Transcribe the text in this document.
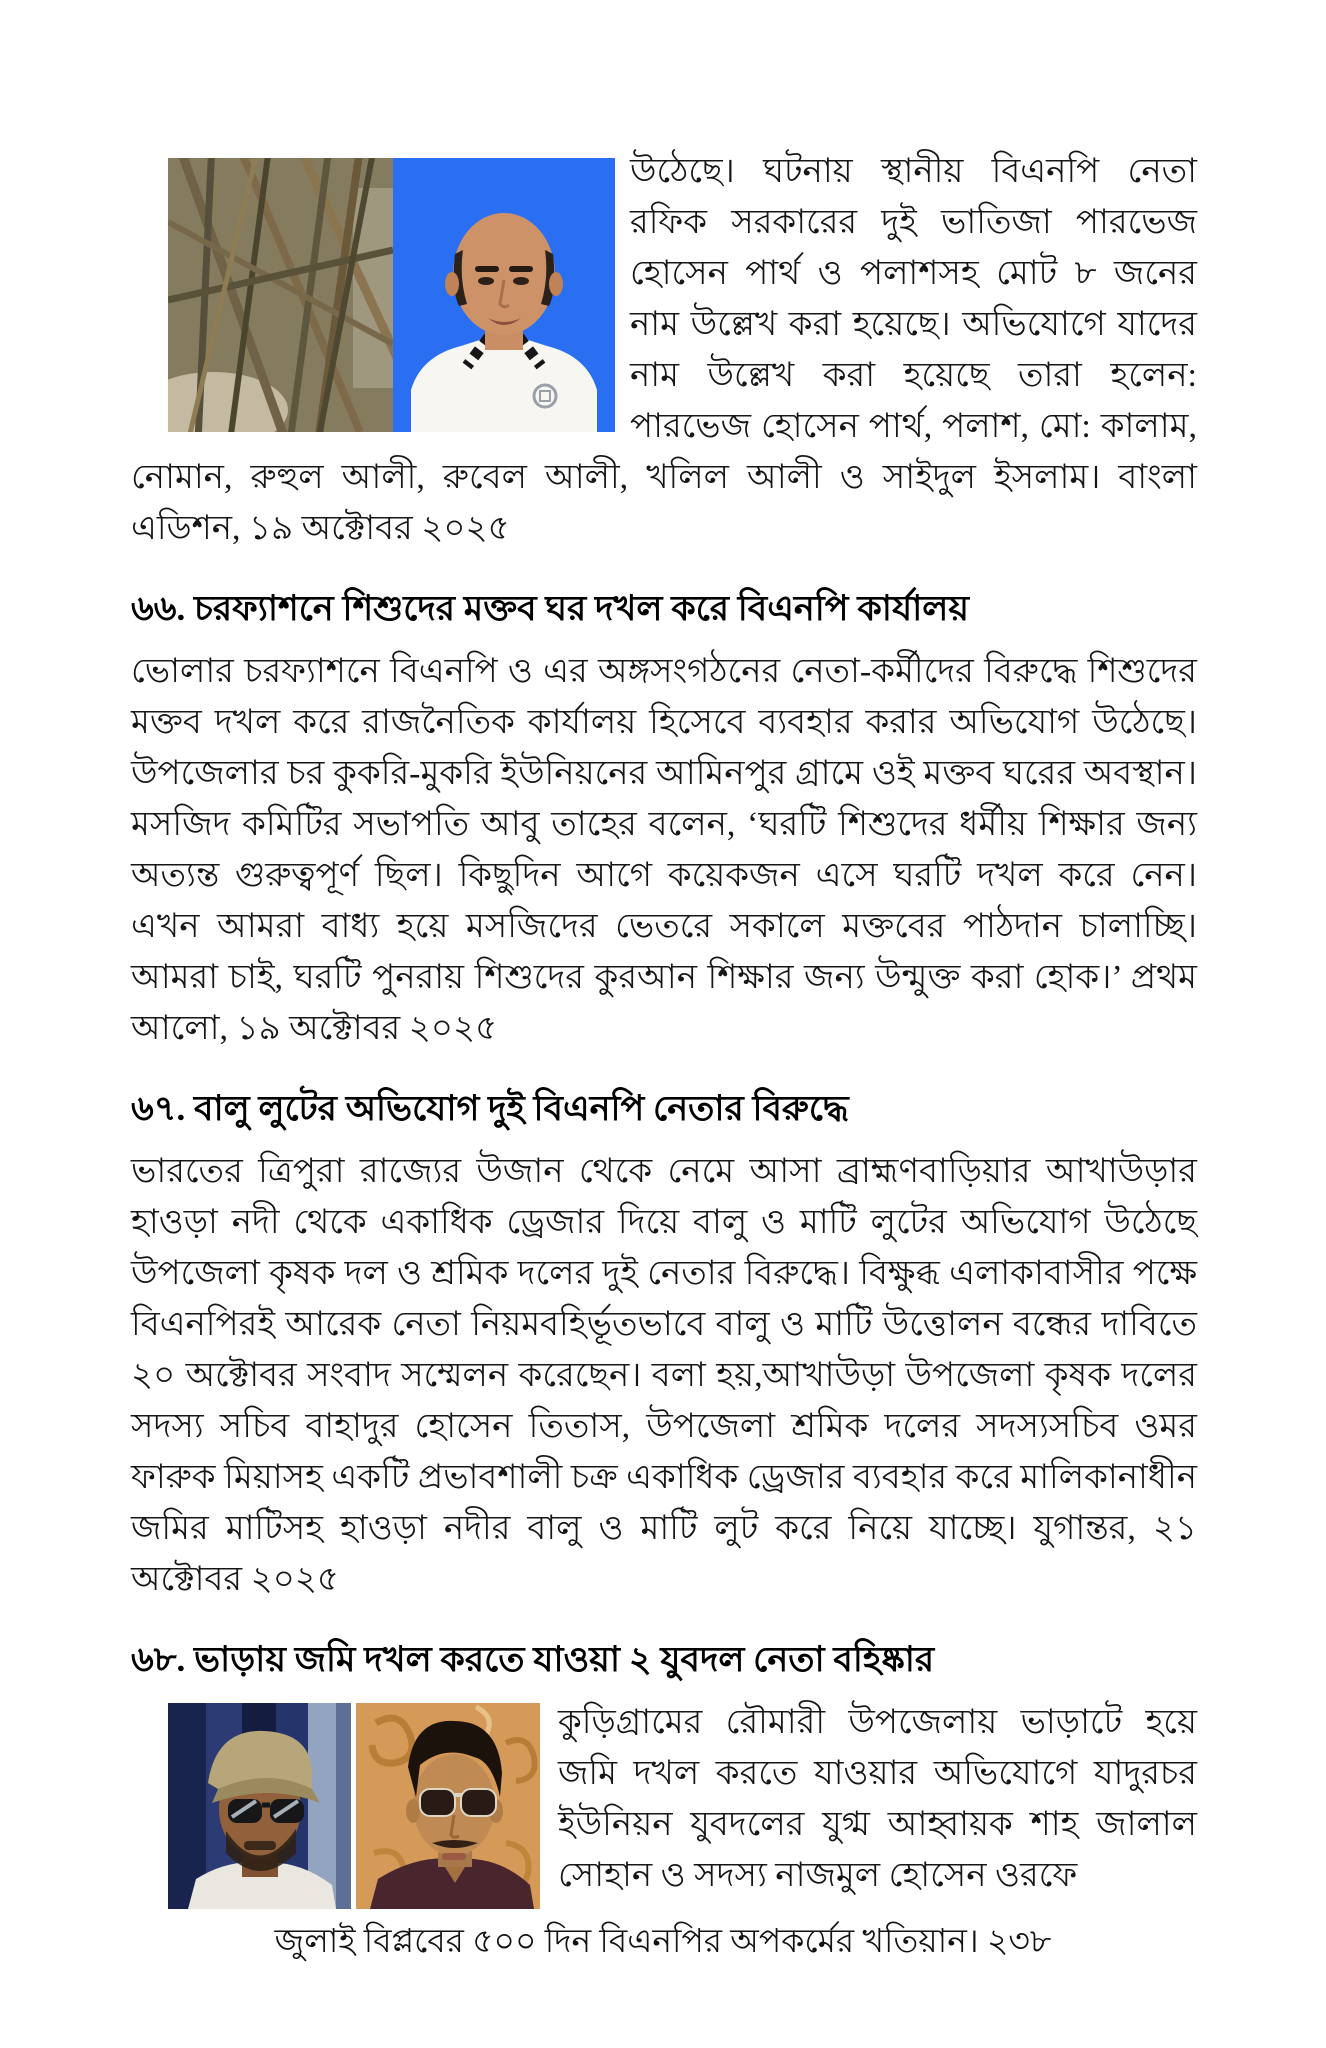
উঠেছে। ঘটনায় স্থানীয় বিএনপি নেতা রফিক সরকারের দুই ভাতিজা পারভেজ হোসেন পার্থ ও পলাশসহ মোট ৮ জনের নাম উল্লেখ করা হয়েছে। অভিযোগে যাদের নাম উল্লেখ করা হয়েছে তারা হলেন: পারভেজ হোসেন পার্থ, পলাশ, মো: কালাম, নোমান, রুহুল আলী, রুবেল আলী, খলিল আলী ও সাইদুল ইসলাম। বাংলা এডিশন, ১৯ অক্টোবর ২০২৫

৬৬. চরফ্যাশনে শিশুদের মক্তব ঘর দখল করে বিএনপি কার্যালয়

ভোলার চরফ্যাশনে বিএনপি ও এর অঙ্গসংগঠনের নেতা-কর্মীদের বিরুদ্ধে শিশুদের মক্তব দখল করে রাজনৈতিক কার্যালয় হিসেবে ব্যবহার করার অভিযোগ উঠেছে। উপজেলার চর কুকরি-মুকরি ইউনিয়নের আমিনপুর গ্রামে ওই মক্তব ঘরের অবস্থান। মসজিদ কমিটির সভাপতি আবু তাহের বলেন, ‘ঘরটি শিশুদের ধর্মীয় শিক্ষার জন্য অত্যন্ত গুরুত্বপূর্ণ ছিল। কিছুদিন আগে কয়েকজন এসে ঘরটি দখল করে নেন। এখন আমরা বাধ্য হয়ে মসজিদের ভেতরে সকালে মক্তবের পাঠদান চালাচ্ছি। আমরা চাই, ঘরটি পুনরায় শিশুদের কুরআন শিক্ষার জন্য উন্মুক্ত করা হোক।’ প্রথম আলো, ১৯ অক্টোবর ২০২৫

৬৭. বালু লুটের অভিযোগ দুই বিএনপি নেতার বিরুদ্ধে

ভারতের ত্রিপুরা রাজ্যের উজান থেকে নেমে আসা ব্রাহ্মণবাড়িয়ার আখাউড়ার হাওড়া নদী থেকে একাধিক ড্রেজার দিয়ে বালু ও মাটি লুটের অভিযোগ উঠেছে উপজেলা কৃষক দল ও শ্রমিক দলের দুই নেতার বিরুদ্ধে। বিক্ষুব্ধ এলাকাবাসীর পক্ষে বিএনপিরই আরেক নেতা নিয়মবহির্ভূতভাবে বালু ও মাটি উত্তোলন বন্ধের দাবিতে ২০ অক্টোবর সংবাদ সম্মেলন করেছেন। বলা হয়,আখাউড়া উপজেলা কৃষক দলের সদস্য সচিব বাহাদুর হোসেন তিতাস, উপজেলা শ্রমিক দলের সদস্যসচিব ওমর ফারুক মিয়াসহ একটি প্রভাবশালী চক্র একাধিক ড্রেজার ব্যবহার করে মালিকানাধীন জমির মাটিসহ হাওড়া নদীর বালু ও মাটি লুট করে নিয়ে যাচ্ছে। যুগান্তর, ২১ অক্টোবর ২০২৫

৬৮. ভাড়ায় জমি দখল করতে যাওয়া ২ যুবদল নেতা বহিষ্কার

কুড়িগ্রামের রৌমারী উপজেলায় ভাড়াটে হয়ে জমি দখল করতে যাওয়ার অভিযোগে যাদুরচর ইউনিয়ন যুবদলের যুগ্ম আহ্বায়ক শাহ জালাল সোহান ও সদস্য নাজমুল হোসেন ওরফে

জুলাই বিপ্লবের ৫০০ দিন বিএনপির অপকর্মের খতিয়ান। ২৩৮
